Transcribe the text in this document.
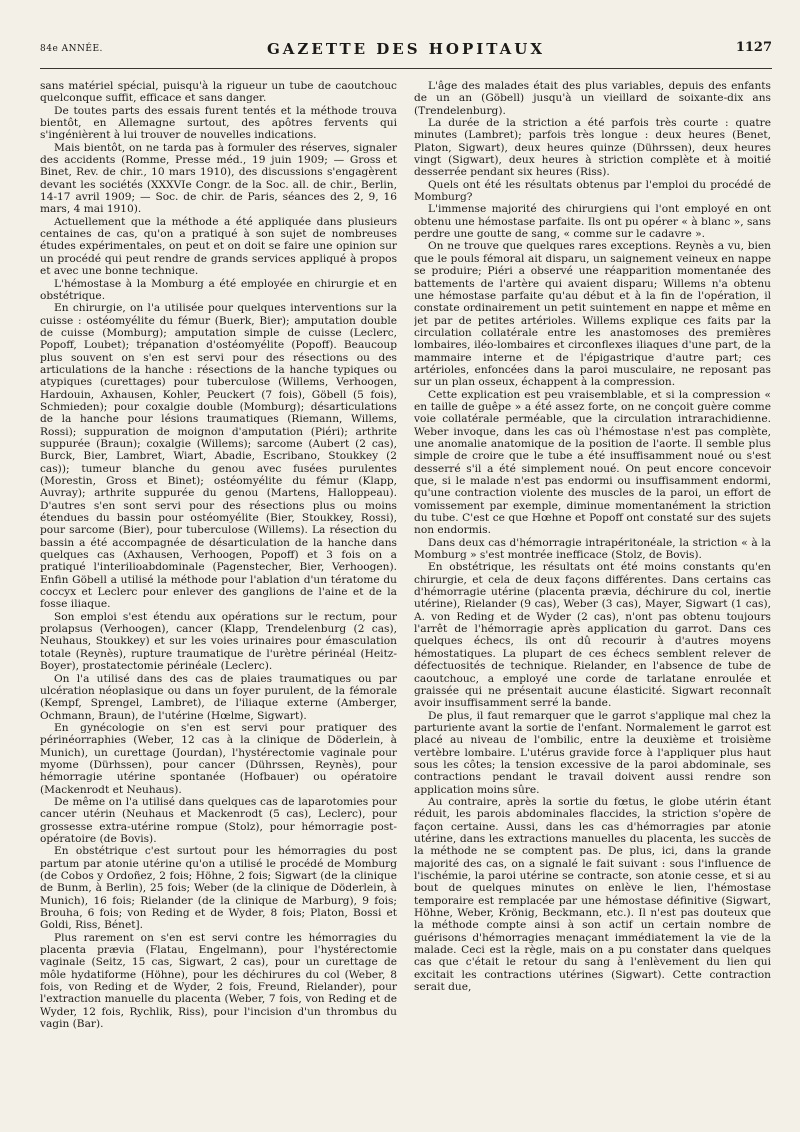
84e ANNÉE.	GAZETTE DES HOPITAUX	1127

sans matériel spécial, puisqu'à la rigueur un tube de caoutchouc quelconque suffit, efficace et sans danger.

De toutes parts des essais furent tentés et la méthode trouva bientôt, en Allemagne surtout, des apôtres fervents qui s'ingénièrent à lui trouver de nouvelles indications.

Mais bientôt, on ne tarda pas à formuler des réserves, signaler des accidents (Romme, Presse méd., 19 juin 1909; — Gross et Binet, Rev. de chir., 10 mars 1910), des discussions s'engagèrent devant les sociétés (XXXVIe Congr. de la Soc. all. de chir., Berlin, 14-17 avril 1909; — Soc. de chir. de Paris, séances des 2, 9, 16 mars, 4 mai 1910).

Actuellement que la méthode a été appliquée dans plusieurs centaines de cas, qu'on a pratiqué à son sujet de nombreuses études expérimentales, on peut et on doit se faire une opinion sur un procédé qui peut rendre de grands services appliqué à propos et avec une bonne technique.

L'hémostase à la Momburg a été employée en chirurgie et en obstétrique.

En chirurgie, on l'a utilisée pour quelques interventions sur la cuisse : ostéomyélite du fémur (Buerk, Bier); amputation double de cuisse (Momburg); amputation simple de cuisse (Leclerc, Popoff, Loubet); trépanation d'ostéomyélite (Popoff). Beaucoup plus souvent on s'en est servi pour des résections ou des articulations de la hanche : résections de la hanche typiques ou atypiques (curettages) pour tuberculose (Willems, Verhoogen, Hardouin, Axhausen, Kohler, Peuckert (7 fois), Göbell (5 fois), Schmieden); pour coxalgie double (Momburg); désarticulations de la hanche pour lésions traumatiques (Riemann, Willems, Rossi); suppuration de moignon d'amputation (Piéri); arthrite suppurée (Braun); coxalgie (Willems); sarcome (Aubert (2 cas), Burck, Bier, Lambret, Wiart, Abadie, Escribano, Stoukkey (2 cas)); tumeur blanche du genou avec fusées purulentes (Morestin, Gross et Binet); ostéomyélite du fémur (Klapp, Auvray); arthrite suppurée du genou (Martens, Halloppeau). D'autres s'en sont servi pour des résections plus ou moins étendues du bassin pour ostéomyélite (Bier, Stoukkey, Rossi), pour sarcome (Bier), pour tuberculose (Willems). La résection du bassin a été accompagnée de désarticulation de la hanche dans quelques cas (Axhausen, Verhoogen, Popoff) et 3 fois on a pratiqué l'interilioabdominale (Pagenstecher, Bier, Verhoogen). Enfin Göbell a utilisé la méthode pour l'ablation d'un tératome du coccyx et Leclerc pour enlever des ganglions de l'aine et de la fosse iliaque.

Son emploi s'est étendu aux opérations sur le rectum, pour prolapsus (Verhoogen), cancer (Klapp, Trendelenburg (2 cas), Neuhaus, Stoukkey) et sur les voies urinaires pour émasculation totale (Reynès), rupture traumatique de l'urètre périnéal (Heitz-Boyer), prostatectomie périnéale (Leclerc).

On l'a utilisé dans des cas de plaies traumatiques ou par ulcération néoplasique ou dans un foyer purulent, de la fémorale (Kempf, Sprengel, Lambret), de l'iliaque externe (Amberger, Ochmann, Braun), de l'utérine (Hœlme, Sigwart).

En gynécologie on s'en est servi pour pratiquer des périnéorraphies (Weber, 12 cas à la clinique de Döderlein, à Munich), un curettage (Jourdan), l'hystérectomie vaginale pour myome (Dürhssen), pour cancer (Dührssen, Reynès), pour hémorragie utérine spontanée (Hofbauer) ou opératoire (Mackenrodt et Neuhaus).

De même on l'a utilisé dans quelques cas de laparotomies pour cancer utérin (Neuhaus et Mackenrodt (5 cas), Leclerc), pour grossesse extra-utérine rompue (Stolz), pour hémorragie post-opératoire (de Bovis).

En obstétrique c'est surtout pour les hémorragies du post partum par atonie utérine qu'on a utilisé le procédé de Momburg (de Cobos y Ordoñez, 2 fois; Höhne, 2 fois; Sigwart (de la clinique de Bunm, à Berlin), 25 fois; Weber (de la clinique de Döderlein, à Munich), 16 fois; Rielander (de la clinique de Marburg), 9 fois; Brouha, 6 fois; von Reding et de Wyder, 8 fois; Platon, Bossi et Goldi, Riss, Bénet].

Plus rarement on s'en est servi contre les hémorragies du placenta prævia (Flatau, Engelmann), pour l'hystérectomie vaginale (Seitz, 15 cas, Sigwart, 2 cas), pour un curettage de môle hydatiforme (Höhne), pour les déchirures du col (Weber, 8 fois, von Reding et de Wyder, 2 fois, Freund, Rielander), pour l'extraction manuelle du placenta (Weber, 7 fois, von Reding et de Wyder, 12 fois, Rychlik, Riss), pour l'incision d'un thrombus du vagin (Bar).

L'âge des malades était des plus variables, depuis des enfants de un an (Göbell) jusqu'à un vieillard de soixante-dix ans (Trendelenburg).

La durée de la striction a été parfois très courte : quatre minutes (Lambret); parfois très longue : deux heures (Benet, Platon, Sigwart), deux heures quinze (Dührssen), deux heures vingt (Sigwart), deux heures à striction complète et à moitié desserrée pendant six heures (Riss).

Quels ont été les résultats obtenus par l'emploi du procédé de Momburg?

L'immense majorité des chirurgiens qui l'ont employé en ont obtenu une hémostase parfaite. Ils ont pu opérer « à blanc », sans perdre une goutte de sang, « comme sur le cadavre ».

On ne trouve que quelques rares exceptions. Reynès a vu, bien que le pouls fémoral ait disparu, un saignement veineux en nappe se produire; Piéri a observé une réapparition momentanée des battements de l'artère qui avaient disparu; Willems n'a obtenu une hémostase parfaite qu'au début et à la fin de l'opération, il constate ordinairement un petit suintement en nappe et même en jet par de petites artérioles. Willems explique ces faits par la circulation collatérale entre les anastomoses des premières lombaires, iléo-lombaires et circonflexes iliaques d'une part, de la mammaire interne et de l'épigastrique d'autre part; ces artérioles, enfoncées dans la paroi musculaire, ne reposant pas sur un plan osseux, échappent à la compression.

Cette explication est peu vraisemblable, et si la compression « en taille de guêpe » a été assez forte, on ne conçoit guère comme voie collatérale perméable, que la circulation intrarachidienne. Weber invoque, dans les cas où l'hémostase n'est pas complète, une anomalie anatomique de la position de l'aorte. Il semble plus simple de croire que le tube a été insuffisamment noué ou s'est desserré s'il a été simplement noué. On peut encore concevoir que, si le malade n'est pas endormi ou insuffisamment endormi, qu'une contraction violente des muscles de la paroi, un effort de vomissement par exemple, diminue momentanément la striction du tube. C'est ce que Hœhne et Popoff ont constaté sur des sujets non endormis.

Dans deux cas d'hémorragie intrapéritonéale, la striction « à la Momburg » s'est montrée inefficace (Stolz, de Bovis).

En obstétrique, les résultats ont été moins constants qu'en chirurgie, et cela de deux façons différentes. Dans certains cas d'hémorragie utérine (placenta prævia, déchirure du col, inertie utérine), Rielander (9 cas), Weber (3 cas), Mayer, Sigwart (1 cas), A. von Reding et de Wyder (2 cas), n'ont pas obtenu toujours l'arrêt de l'hémorragie après application du garrot. Dans ces quelques échecs, ils ont dû recourir à d'autres moyens hémostatiques. La plupart de ces échecs semblent relever de défectuosités de technique. Rielander, en l'absence de tube de caoutchouc, a employé une corde de tarlatane enroulée et graissée qui ne présentait aucune élasticité. Sigwart reconnaît avoir insuffisamment serré la bande.

De plus, il faut remarquer que le garrot s'applique mal chez la parturiente avant la sortie de l'enfant. Normalement le garrot est placé au niveau de l'ombilic, entre la deuxième et troisième vertèbre lombaire. L'utérus gravide force à l'appliquer plus haut sous les côtes; la tension excessive de la paroi abdominale, ses contractions pendant le travail doivent aussi rendre son application moins sûre.

Au contraire, après la sortie du fœtus, le globe utérin étant réduit, les parois abdominales flaccides, la striction s'opère de façon certaine. Aussi, dans les cas d'hémorragies par atonie utérine, dans les extractions manuelles du placenta, les succès de la méthode ne se comptent pas. De plus, ici, dans la grande majorité des cas, on a signalé le fait suivant : sous l'influence de l'ischémie, la paroi utérine se contracte, son atonie cesse, et si au bout de quelques minutes on enlève le lien, l'hémostase temporaire est remplacée par une hémostase définitive (Sigwart, Höhne, Weber, Krönig, Beckmann, etc.). Il n'est pas douteux que la méthode compte ainsi à son actif un certain nombre de guérisons d'hémorragies menaçant immédiatement la vie de la malade. Ceci est la règle, mais on a pu constater dans quelques cas que c'était le retour du sang à l'enlèvement du lien qui excitait les contractions utérines (Sigwart). Cette contraction serait due,
